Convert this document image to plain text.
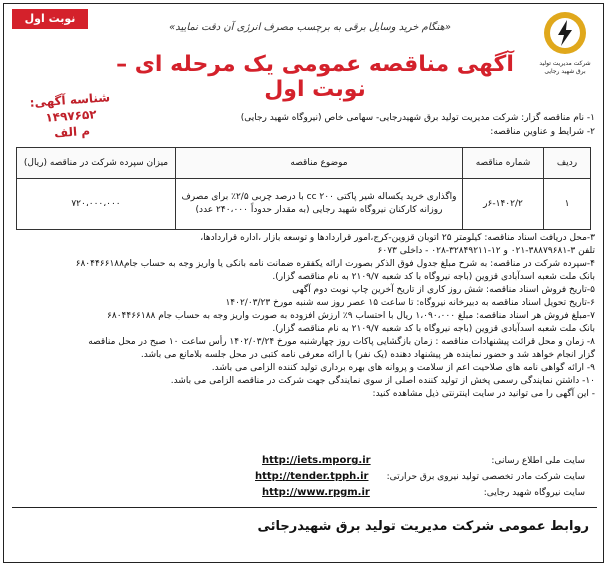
نوبت اول
«هنگام خرید وسایل برقی به برچسب مصرف انرژی آن دقت نمایید»
شرکت مدیریت تولید برق شهید رجایی
آگهی مناقصه عمومی یک مرحله ای – نوبت اول
شناسه آگهی: ۱۴۹۷۶۵۲
م الف
۱- نام مناقصه گزار: شرکت مدیریت تولید برق شهیدرجایی- سهامی خاص (نیروگاه شهید رجایی)
۲- شرایط و عناوین مناقصه:
ردیف	شماره مناقصه	موضوع مناقصه	میزان سپرده شرکت در مناقصه (ریال)
۱	۶-۱۴۰۲/۲ر	واگذاری خرید یکساله شیر پاکتی ۲۰۰ cc با درصد چربی ۲/۵٪ برای مصرف روزانه کارکنان نیروگاه شهید رجایی (به مقدار حدوداً ۲۴۰،۰۰۰ عدد)	۷۲۰،۰۰۰،۰۰۰

۳-محل دریافت اسناد مناقصه: کیلومتر ۲۵ اتوبان قزوین-کرج،امور قراردادها و توسعه بازار ،اداره قراردادها،

تلفن ۳-۳۸۸۷۹۶۸۱-۰۲۱ و ۱۲-۳۲۸۴۹۲۱۱-۰۲۸ - داخلی ۶۰۷۳

۴-سپرده شرکت در مناقصه: به شرح مبلغ جدول فوق الذکر بصورت ارائه یکفقره ضمانت نامه بانکی یا واریز وجه به حساب جام۶۸۰۴۴۶۶۱۸۸

بانک ملت شعبه اسدآبادی قزوین (باجه نیروگاه با کد شعبه ۲۱۰۹/۷ به نام مناقصه گزار).

۵-تاریخ فروش اسناد مناقصه: شش روز کاری از تاریخ آخرین چاپ نوبت دوم آگهی

۶-تاریخ تحویل اسناد مناقصه به دبیرخانه نیروگاه: تا ساعت ۱۵ عصر روز سه شنبه مورخ ۱۴۰۲/۰۳/۲۳

۷-مبلغ فروش هر اسناد مناقصه: مبلغ ۱،۰۹۰،۰۰۰ ریال با احتساب ۹٪ ارزش افزوده به صورت واریز وجه به حساب جام ۶۸۰۴۴۶۶۱۸۸

بانک ملت شعبه اسدآبادی قزوین (باجه نیروگاه با کد شعبه ۲۱۰۹/۷ به نام مناقصه گزار).

۸- زمان و محل قرائت پیشنهادات مناقصه : زمان بازگشایی پاکات روز چهارشنبه مورخ ۱۴۰۲/۰۳/۲۴ رأس ساعت ۱۰ صبح در محل مناقصه

گزار انجام خواهد شد و حضور نماینده هر پیشنهاد دهنده (یک نفر) با ارائه معرفی نامه کتبی در محل جلسه بلامانع می باشد.

۹- ارائه گواهی نامه های صلاحیت اعم از سلامت و پروانه های بهره برداری تولید کننده الزامی می باشد.

۱۰- داشتن نمایندگی رسمی پخش از تولید کننده اصلی از سوی نمایندگی جهت شرکت در مناقصه الزامی می باشد.

- این آگهی را می توانید در سایت اینترنتی ذیل مشاهده کنید:

سایت ملی اطلاع رسانی:
http://iets.mporg.ir
سایت شرکت مادر تخصصی تولید نیروی برق حرارتی:
http://tender.tpph.ir
سایت نیروگاه شهید رجایی:
http://www.rpgm.ir
روابط عمومی شرکت مدیریت تولید برق شهیدرجائی
